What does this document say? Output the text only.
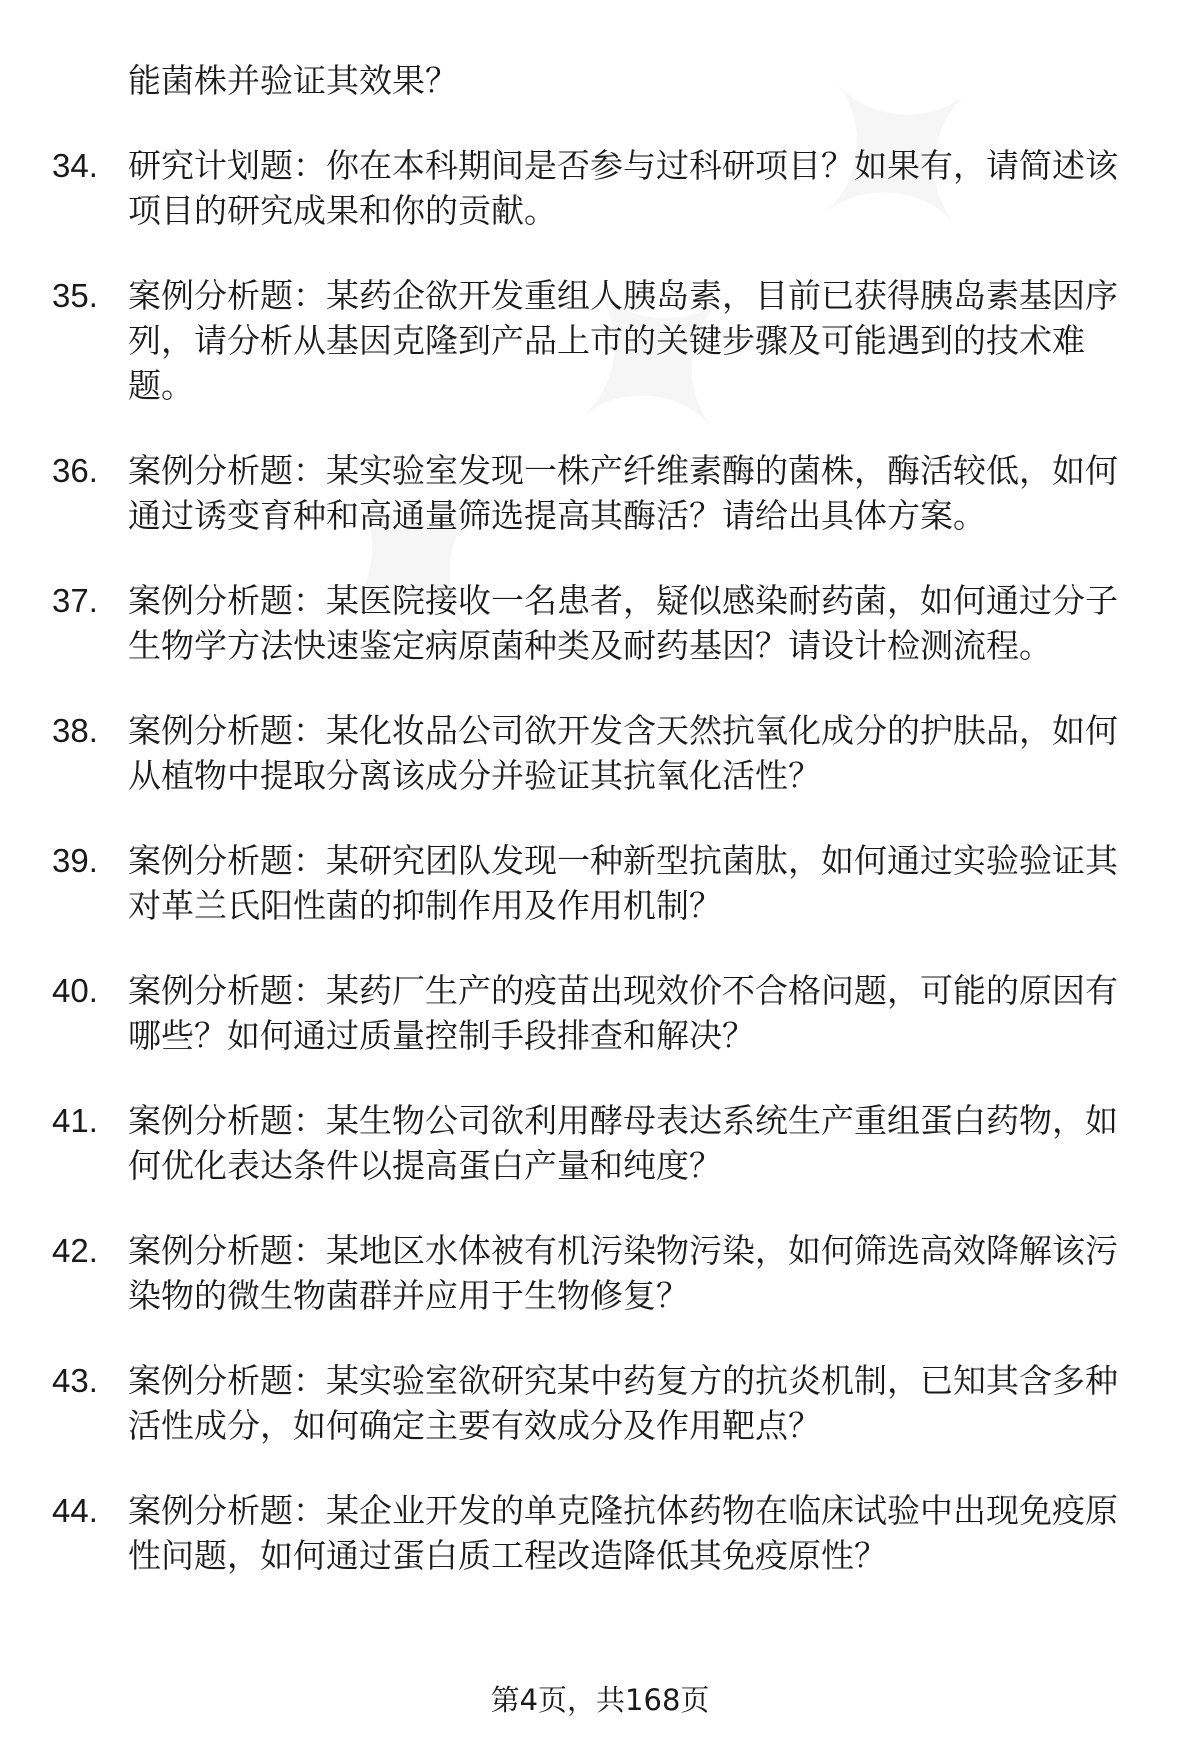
能菌株并验证其效果？
34. 研究计划题：你在本科期间是否参与过科研项目？如果有，请简述该项目的研究成果和你的贡献。
35. 案例分析题：某药企欲开发重组人胰岛素，目前已获得胰岛素基因序列，请分析从基因克隆到产品上市的关键步骤及可能遇到的技术难题。
36. 案例分析题：某实验室发现一株产纤维素酶的菌株，酶活较低，如何通过诱变育种和高通量筛选提高其酶活？请给出具体方案。
37. 案例分析题：某医院接收一名患者，疑似感染耐药菌，如何通过分子生物学方法快速鉴定病原菌种类及耐药基因？请设计检测流程。
38. 案例分析题：某化妆品公司欲开发含天然抗氧化成分的护肤品，如何从植物中提取分离该成分并验证其抗氧化活性？
39. 案例分析题：某研究团队发现一种新型抗菌肽，如何通过实验验证其对革兰氏阳性菌的抑制作用及作用机制？
40. 案例分析题：某药厂生产的疫苗出现效价不合格问题，可能的原因有哪些？如何通过质量控制手段排查和解决？
41. 案例分析题：某生物公司欲利用酵母表达系统生产重组蛋白药物，如何优化表达条件以提高蛋白产量和纯度？
42. 案例分析题：某地区水体被有机污染物污染，如何筛选高效降解该污染物的微生物菌群并应用于生物修复？
43. 案例分析题：某实验室欲研究某中药复方的抗炎机制，已知其含多种活性成分，如何确定主要有效成分及作用靶点？
44. 案例分析题：某企业开发的单克隆抗体药物在临床试验中出现免疫原性问题，如何通过蛋白质工程改造降低其免疫原性？
第4页，共168页
